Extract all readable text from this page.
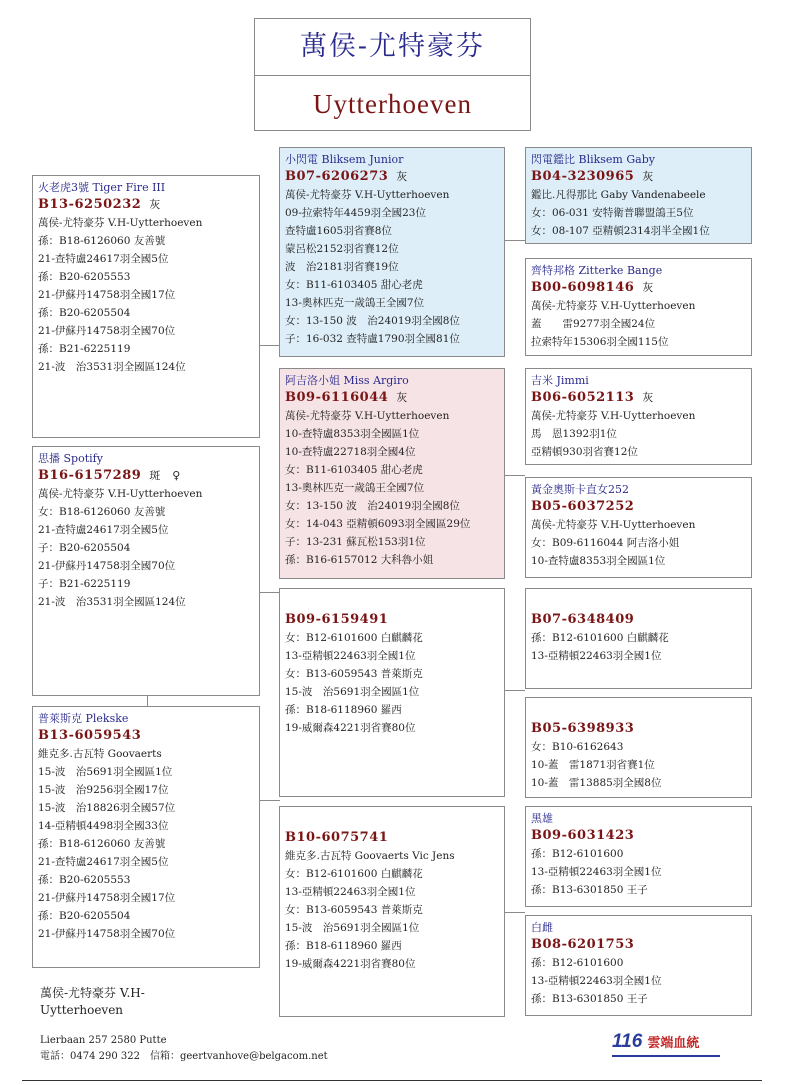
萬侯-尤特豪芬
Uytterhoeven
火老虎3號 Tiger Fire III
B13-6250232 灰
萬侯-尤特豪芬 V.H-Uytterhoeven
孫：B18-6126060 友善號
21-查特盧24617羽全國5位
孫：B20-6205553
21-伊蘇丹14758羽全國17位
孫：B20-6205504
21-伊蘇丹14758羽全國70位
孫：B21-6225119
21-波　治3531羽全國區124位
思播 Spotify
B16-6157289 斑　♀
萬侯-尤特豪芬 V.H-Uytterhoeven
女：B18-6126060 友善號
21-查特盧24617羽全國5位
子：B20-6205504
21-伊蘇丹14758羽全國70位
子：B21-6225119
21-波　治3531羽全國區124位
普萊斯克 Plekske
B13-6059543
維克多.古瓦特 Goovaerts
15-波　治5691羽全國區1位
15-波　治9256羽全國17位
15-波　治18826羽全國57位
14-亞精頓4498羽全國33位
孫：B18-6126060 友善號
21-查特盧24617羽全國5位
孫：B20-6205553
21-伊蘇丹14758羽全國17位
孫：B20-6205504
21-伊蘇丹14758羽全國70位
小閃電 Bliksem Junior
B07-6206273 灰
萬侯-尤特豪芬 V.H-Uytterhoeven
09-拉索特年4459羽全國23位
查特盧1605羽省賽8位
蒙呂松2152羽省賽12位
波　治2181羽省賽19位
女：B11-6103405 甜心老虎
13-奧林匹克一歲鴿王全國7位
女：13-150 波　治24019羽全國8位
子：16-032 查特盧1790羽全國81位
阿吉洛小姐 Miss Argiro
B09-6116044 灰
萬侯-尤特豪芬 V.H-Uytterhoeven
10-查特盧8353羽全國區1位
10-查特盧22718羽全國4位
女：B11-6103405 甜心老虎
13-奧林匹克一歲鴿王全國7位
女：13-150 波　治24019羽全國8位
女：14-043 亞精頓6093羽全國區29位
子：13-231 蘇瓦松153羽1位
孫：B16-6157012 大科魯小姐
B09-6159491
女：B12-6101600 白麒麟花
13-亞精頓22463羽全國1位
女：B13-6059543 普萊斯克
15-波　治5691羽全國區1位
孫：B18-6118960 羅西
19-威爾森4221羽省賽80位
B10-6075741
維克多.古瓦特 Goovaerts Vic Jens
女：B12-6101600 白麒麟花
13-亞精頓22463羽全國1位
女：B13-6059543 普萊斯克
15-波　治5691羽全國區1位
孫：B18-6118960 羅西
19-威爾森4221羽省賽80位
閃電鑑比 Bliksem Gaby
B04-3230965 灰
鑑比.凡得那比 Gaby Vandenabeele
女：06-031 安特衛普聯盟鴿王5位
女：08-107 亞精頓2314羽半全國1位
齊特邦格 Zitterke Bange
B00-6098146 灰
萬侯-尤特豪芬 V.H-Uytterhoeven
蓋　　雷9277羽全國24位
拉索特年15306羽全國115位
吉米 Jimmi
B06-6052113 灰
萬侯-尤特豪芬 V.H-Uytterhoeven
馬　恩1392羽1位
亞精頓930羽省賽12位
黃金奧斯卡直女252
B05-6037252
萬侯-尤特豪芬 V.H-Uytterhoeven
女：B09-6116044 阿吉洛小姐
10-查特盧8353羽全國區1位
B07-6348409
孫：B12-6101600 白麒麟花
13-亞精頓22463羽全國1位
B05-6398933
女：B10-6162643
10-蓋　雷1871羽省賽1位
10-蓋　雷13885羽全國8位
黑雄
B09-6031423
孫：B12-6101600
13-亞精頓22463羽全國1位
孫：B13-6301850 王子
白雌
B08-6201753
孫：B12-6101600
13-亞精頓22463羽全國1位
孫：B13-6301850 王子
萬侯-尤特豪芬 V.H-Uytterhoeven
Lierbaan 257 2580 Putte
電話：0474 290 322　信箱：geertvanhove@belgacom.net
116 雲端血統
